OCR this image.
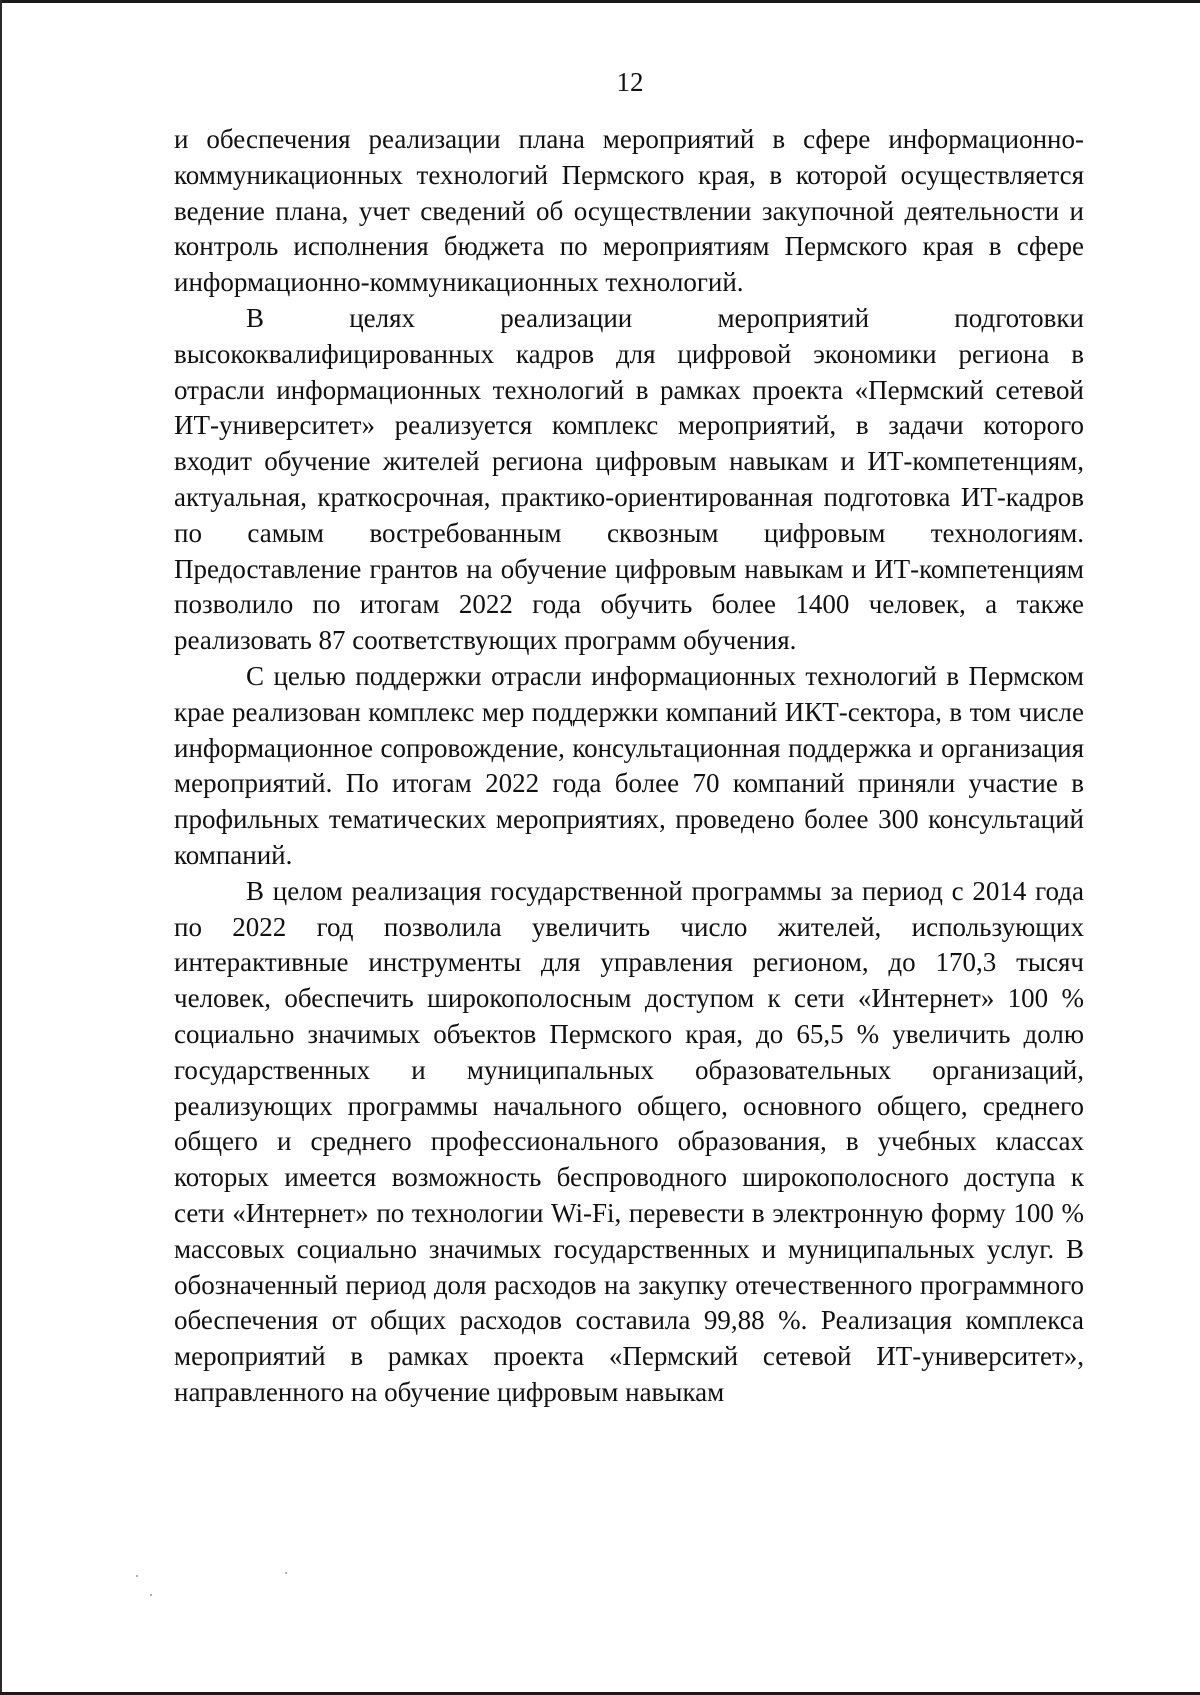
12

и обеспечения реализации плана мероприятий в сфере информационно-коммуникационных технологий Пермского края, в которой осуществляется ведение плана, учет сведений об осуществлении закупочной деятельности и контроль исполнения бюджета по мероприятиям Пермского края в сфере информационно-коммуникационных технологий.

В целях реализации мероприятий подготовки высококвалифицированных кадров для цифровой экономики региона в отрасли информационных технологий в рамках проекта «Пермский сетевой ИТ-университет» реализуется комплекс мероприятий, в задачи которого входит обучение жителей региона цифровым навыкам и ИТ-компетенциям, актуальная, краткосрочная, практико-ориентированная подготовка ИТ-кадров по самым востребованным сквозным цифровым технологиям. Предоставление грантов на обучение цифровым навыкам и ИТ-компетенциям позволило по итогам 2022 года обучить более 1400 человек, а также реализовать 87 соответствующих программ обучения.

С целью поддержки отрасли информационных технологий в Пермском крае реализован комплекс мер поддержки компаний ИКТ-сектора, в том числе информационное сопровождение, консультационная поддержка и организация мероприятий. По итогам 2022 года более 70 компаний приняли участие в профильных тематических мероприятиях, проведено более 300 консультаций компаний.

В целом реализация государственной программы за период с 2014 года по 2022 год позволила увеличить число жителей, использующих интерактивные инструменты для управления регионом, до 170,3 тысяч человек, обеспечить широкополосным доступом к сети «Интернет» 100 % социально значимых объектов Пермского края, до 65,5 % увеличить долю государственных и муниципальных образовательных организаций, реализующих программы начального общего, основного общего, среднего общего и среднего профессионального образования, в учебных классах которых имеется возможность беспроводного широкополосного доступа к сети «Интернет» по технологии Wi-Fi, перевести в электронную форму 100 % массовых социально значимых государственных и муниципальных услуг. В обозначенный период доля расходов на закупку отечественного программного обеспечения от общих расходов составила 99,88 %. Реализация комплекса мероприятий в рамках проекта «Пермский сетевой ИТ-университет», направленного на обучение цифровым навыкам
